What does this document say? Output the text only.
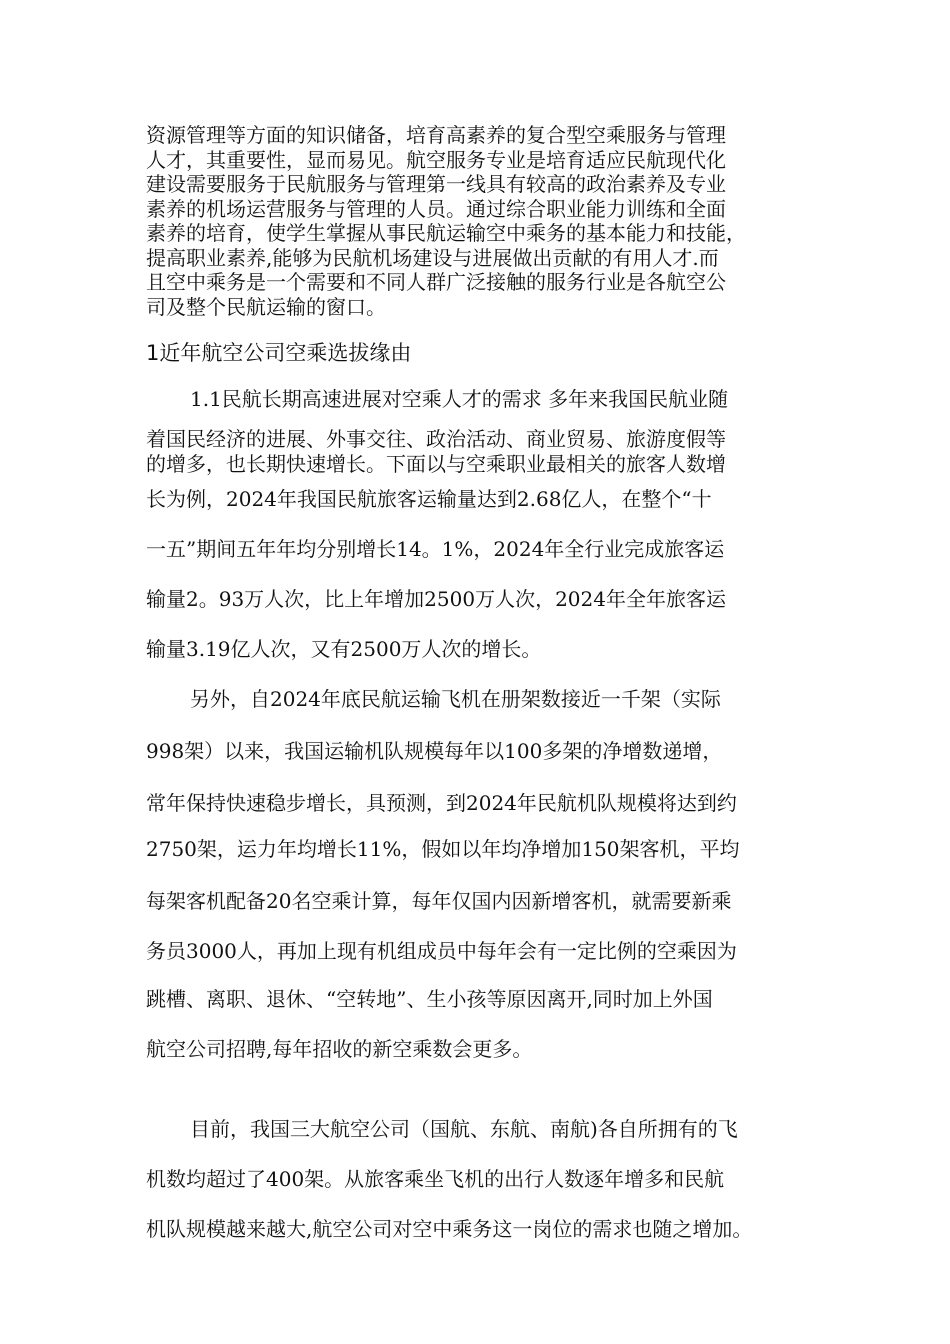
资源管理等方面的知识储备，培育高素养的复合型空乘服务与管理
人才，其重要性，显而易见。航空服务专业是培育适应民航现代化
建设需要服务于民航服务与管理第一线具有较高的政治素养及专业
素养的机场运营服务与管理的人员。通过综合职业能力训练和全面
素养的培育，使学生掌握从事民航运输空中乘务的基本能力和技能，
提高职业素养,能够为民航机场建设与进展做出贡献的有用人才.而
且空中乘务是一个需要和不同人群广泛接触的服务行业是各航空公
司及整个民航运输的窗口。
1近年航空公司空乘选拔缘由
1.1民航长期高速进展对空乘人才的需求 多年来我国民航业随
着国民经济的进展、外事交往、政治活动、商业贸易、旅游度假等
的增多，也长期快速增长。下面以与空乘职业最相关的旅客人数增
长为例，2024年我国民航旅客运输量达到2.68亿人，在整个“十
一五”期间五年年均分别增长14。1%，2024年全行业完成旅客运
输量2。93万人次，比上年增加2500万人次，2024年全年旅客运
输量3.19亿人次，又有2500万人次的增长。
另外，自2024年底民航运输飞机在册架数接近一千架（实际
998架）以来，我国运输机队规模每年以100多架的净增数递增，
常年保持快速稳步增长，具预测，到2024年民航机队规模将达到约
2750架，运力年均增长11%，假如以年均净增加150架客机，平均
每架客机配备20名空乘计算，每年仅国内因新增客机，就需要新乘
务员3000人，再加上现有机组成员中每年会有一定比例的空乘因为
跳槽、离职、退休、“空转地”、生小孩等原因离开,同时加上外国
航空公司招聘,每年招收的新空乘数会更多。
目前，我国三大航空公司（国航、东航、南航)各自所拥有的飞
机数均超过了400架。从旅客乘坐飞机的出行人数逐年增多和民航
机队规模越来越大,航空公司对空中乘务这一岗位的需求也随之增加。
